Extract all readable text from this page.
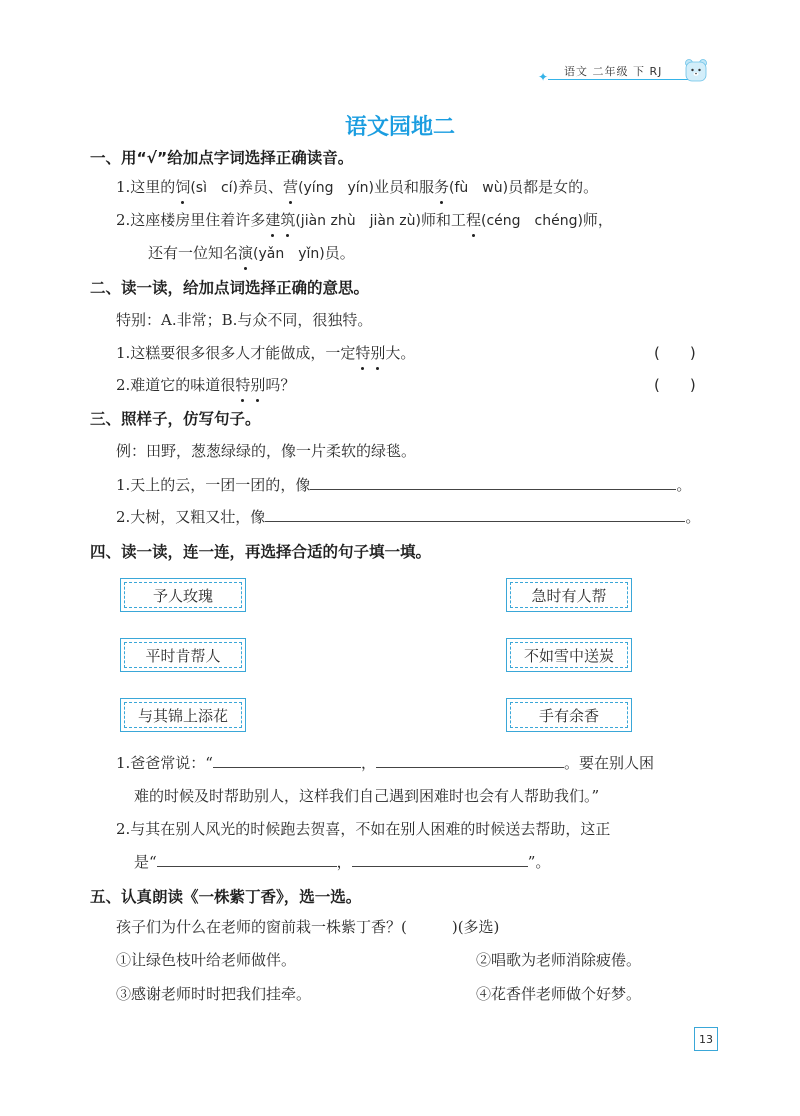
✦ 语文 二年级 下 RJ
语文园地二
一、用“√”给加点字词选择正确读音。
1.这里的饲(sì　cí)养员、营(yíng　yín)业员和服务(fù　wù)员都是女的。
2.这座楼房里住着许多建筑(jiàn zhù　jiàn zù)师和工程(céng　chéng)师，
还有一位知名演(yǎn　yǐn)员。
二、读一读，给加点词选择正确的意思。
特别：A.非常；B.与众不同，很独特。
1.这糕要很多很多人才能做成，一定特别大。	(　　)
2.难道它的味道很特别吗？	(　　)
三、照样子，仿写句子。
例：田野，葱葱绿绿的，像一片柔软的绿毯。
1.天上的云，一团一团的，像	。
2.大树，又粗又壮，像	。
四、读一读，连一连，再选择合适的句子填一填。
予人玫瑰
平时肯帮人
与其锦上添花
急时有人帮
不如雪中送炭
手有余香
1.爸爸常说：“	，	。要在别人困
难的时候及时帮助别人，这样我们自己遇到困难时也会有人帮助我们。”
2.与其在别人风光的时候跑去贺喜，不如在别人困难的时候送去帮助，这正
是“	，	”。
五、认真朗读《一株紫丁香》，选一选。
孩子们为什么在老师的窗前栽一株紫丁香？(　　　)(多选)
①让绿色枝叶给老师做伴。	②唱歌为老师消除疲倦。
③感谢老师时时把我们挂牵。	④花香伴老师做个好梦。
13
